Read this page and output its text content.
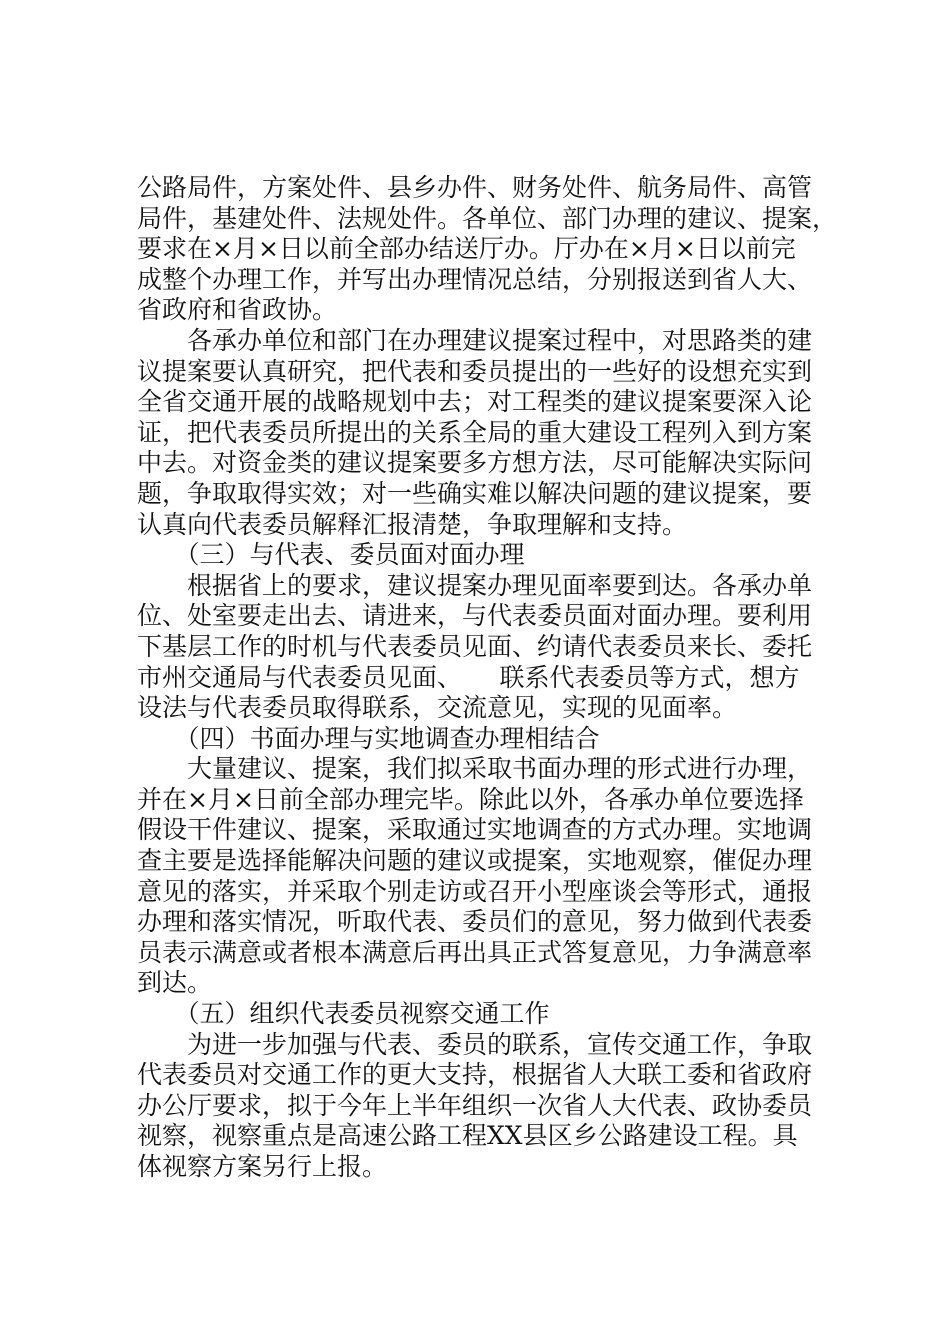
公路局件，方案处件、县乡办件、财务处件、航务局件、高管
局件，基建处件、法规处件。各单位、部门办理的建议、提案，
要求在×月×日以前全部办结送厅办。厅办在×月×日以前完
成整个办理工作，并写出办理情况总结，分别报送到省人大、
省政府和省政协。
　　各承办单位和部门在办理建议提案过程中，对思路类的建
议提案要认真研究，把代表和委员提出的一些好的设想充实到
全省交通开展的战略规划中去；对工程类的建议提案要深入论
证，把代表委员所提出的关系全局的重大建设工程列入到方案
中去。对资金类的建议提案要多方想方法，尽可能解决实际问
题，争取取得实效；对一些确实难以解决问题的建议提案，要
认真向代表委员解释汇报清楚，争取理解和支持。
　　（三）与代表、委员面对面办理
　　根据省上的要求，建议提案办理见面率要到达。各承办单
位、处室要走出去、请进来，与代表委员面对面办理。要利用
下基层工作的时机与代表委员见面、约请代表委员来长、委托
市州交通局与代表委员见面、　　联系代表委员等方式，想方
设法与代表委员取得联系，交流意见，实现的见面率。
　　（四）书面办理与实地调查办理相结合
　　大量建议、提案，我们拟采取书面办理的形式进行办理，
并在×月×日前全部办理完毕。除此以外，各承办单位要选择
假设干件建议、提案，采取通过实地调查的方式办理。实地调
查主要是选择能解决问题的建议或提案，实地观察，催促办理
意见的落实，并采取个别走访或召开小型座谈会等形式，通报
办理和落实情况，听取代表、委员们的意见，努力做到代表委
员表示满意或者根本满意后再出具正式答复意见，力争满意率
到达。
　　（五）组织代表委员视察交通工作
　　为进一步加强与代表、委员的联系，宣传交通工作，争取
代表委员对交通工作的更大支持，根据省人大联工委和省政府
办公厅要求，拟于今年上半年组织一次省人大代表、政协委员
视察，视察重点是高速公路工程XX县区乡公路建设工程。具
体视察方案另行上报。
